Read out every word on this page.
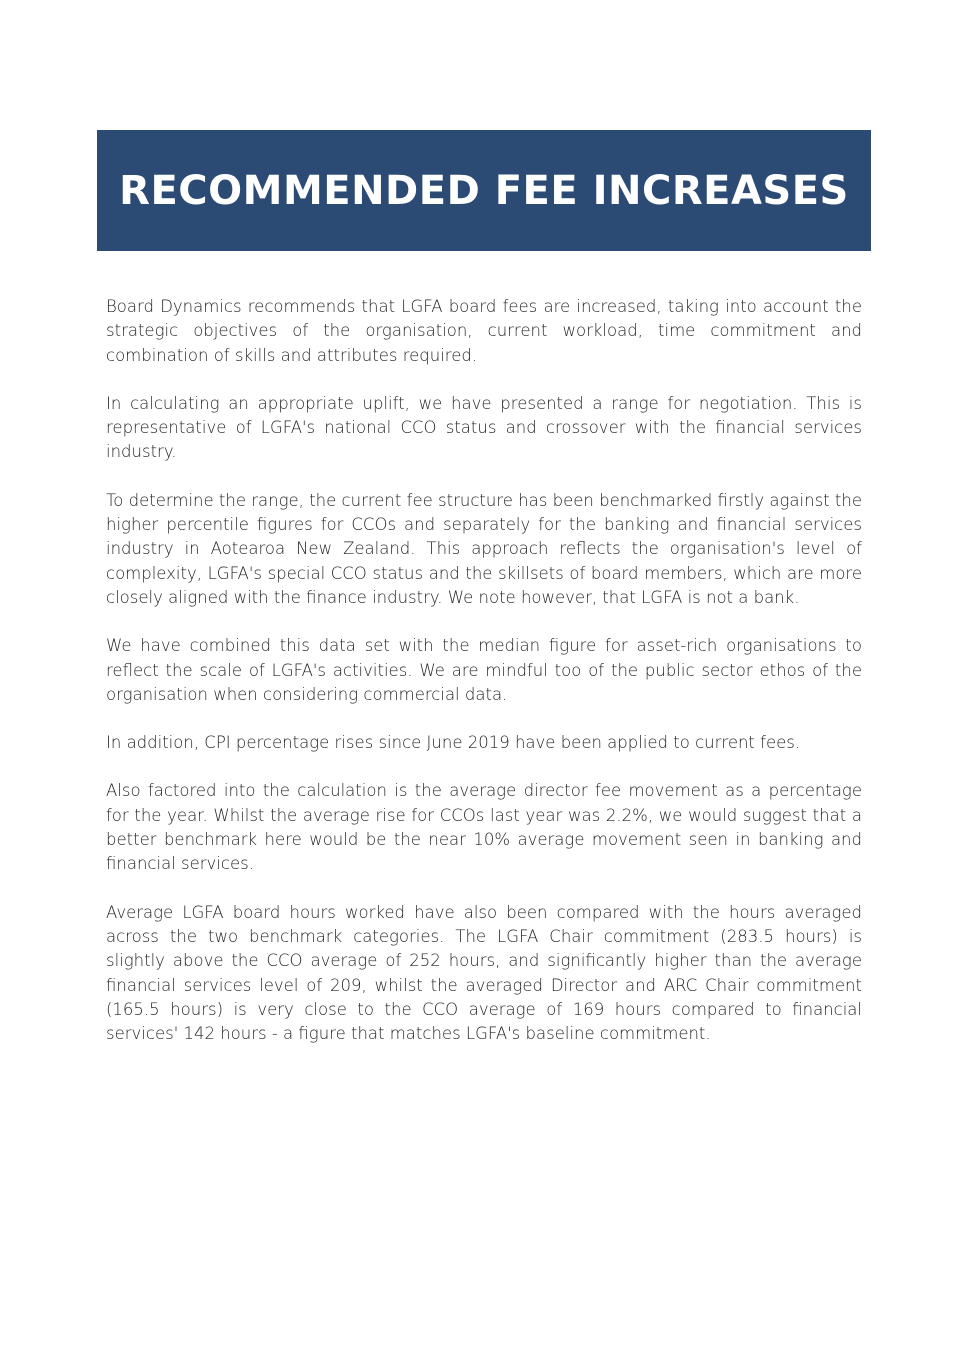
RECOMMENDED FEE INCREASES

Board Dynamics recommends that LGFA board fees are increased, taking into account the strategic objectives of the organisation, current workload, time commitment and combination of skills and attributes required.

In calculating an appropriate uplift, we have presented a range for negotiation. This is representative of LGFA's national CCO status and crossover with the financial services industry.

To determine the range, the current fee structure has been benchmarked firstly against the higher percentile figures for CCOs and separately for the banking and financial services industry in Aotearoa New Zealand. This approach reflects the organisation's level of complexity, LGFA's special CCO status and the skillsets of board members, which are more closely aligned with the finance industry. We note however, that LGFA is not a bank.

We have combined this data set with the median figure for asset-rich organisations to reflect the scale of LGFA's activities. We are mindful too of the public sector ethos of the organisation when considering commercial data.

In addition, CPI percentage rises since June 2019 have been applied to current fees.

Also factored into the calculation is the average director fee movement as a percentage for the year. Whilst the average rise for CCOs last year was 2.2%, we would suggest that a better benchmark here would be the near 10% average movement seen in banking and financial services.

Average LGFA board hours worked have also been compared with the hours averaged across the two benchmark categories. The LGFA Chair commitment (283.5 hours) is slightly above the CCO average of 252 hours, and significantly higher than the average financial services level of 209, whilst the averaged Director and ARC Chair commitment (165.5 hours) is very close to the CCO average of 169 hours compared to financial services' 142 hours - a figure that matches LGFA's baseline commitment.
